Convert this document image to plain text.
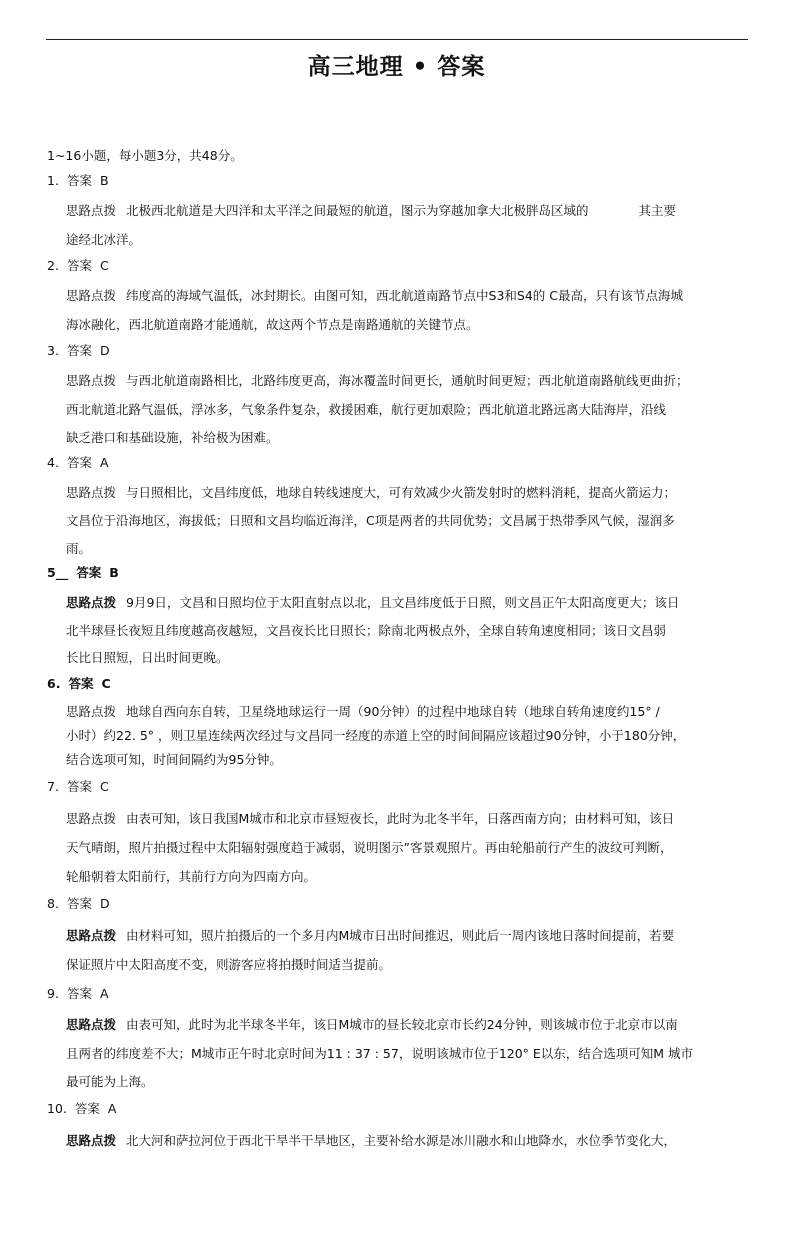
高三地理 • 答案
1~16小题，每小题3分，共48分。
1. 答案 B
思路点拨 北极西北航道是大四洋和太平洋之间最短的航道，图示为穿越加拿大北极胖岛区域的	其主要
途经北冰洋。
2. 答案 C
思路点拨 纬度高的海域气温低，冰封期长。由图可知，西北航道南路节点中S3和S4的 C最高，只有该节点海城
海冰融化，西北航道南路才能通航，故这两个节点是南路通航的关键节点。
3. 答案 D
思路点拨 与西北航道南路相比，北路纬度更高，海冰覆盖时间更长，通航时间更短；西北航道南路航线更曲折；
西北航道北路气温低，浮冰多，气象条件复杂，救援困难，航行更加艰险；西北航道北路远离大陆海岸，沿线
缺乏港口和基础设施，补给极为困难。
4. 答案 A
思路点拨 与日照相比，文昌纬度低，地球自转线速度大，可有效减少火箭发射时的燃料消耗，提高火箭运力；
文昌位于沿海地区，海拔低；日照和文昌均临近海洋，C项是两者的共同优势；文昌属于热带季风气候，湿润多
雨。
5__ 答案 B
思路点拨 9月9日，文昌和日照均位于太阳直射点以北，且文昌纬度低于日照，则文昌正午太阳高度更大；该日
北半球昼长夜短且纬度越高夜越短，文昌夜长比日照长；除南北两极点外，全球自转角速度相同；该日文昌弱
长比日照短，日出时间更晚。
6. 答案 C
思路点拨 地球自西向东自转，卫星绕地球运行一周（90分钟）的过程中地球自转（地球自转角速度约15° /
小时）约22. 5° ，则卫星连续两次经过与文昌同一经度的赤道上空的时间间隔应该超过90分钟，小于180分钟，
结合选项可知，时间间隔约为95分钟。
7. 答案 C
思路点拨 由表可知，该日我国M城市和北京市昼短夜长，此时为北冬半年，日落西南方向；由材料可知，该日
天气晴朗，照片拍摄过程中太阳辐射强度趋于减弱，说明图示”客景观照片。再由轮船前行产生的波纹可判断，
轮船朝着太阳前行，其前行方向为四南方向。
8. 答案 D
思路点拨 由材料可知，照片拍摄后的一个多月内M城市日出时间推迟，则此后一周内该地日落时间提前，若要
保证照片中太阳高度不变，则游客应将拍摄时间适当提前。
9. 答案 A
思路点拨 由表可知，此时为北半球冬半年，该日M城市的昼长较北京市长约24分钟，则该城市位于北京市以南
且两者的纬度差不大；M城市正午时北京时间为11 : 37 : 57，说明该城市位于120° E以东，结合选项可知M 城市
最可能为上海。
10. 答案 A
思路点拨 北大河和萨拉河位于西北干旱半干旱地区，主要补给水源是冰川融水和山地降水，水位季节变化大，
